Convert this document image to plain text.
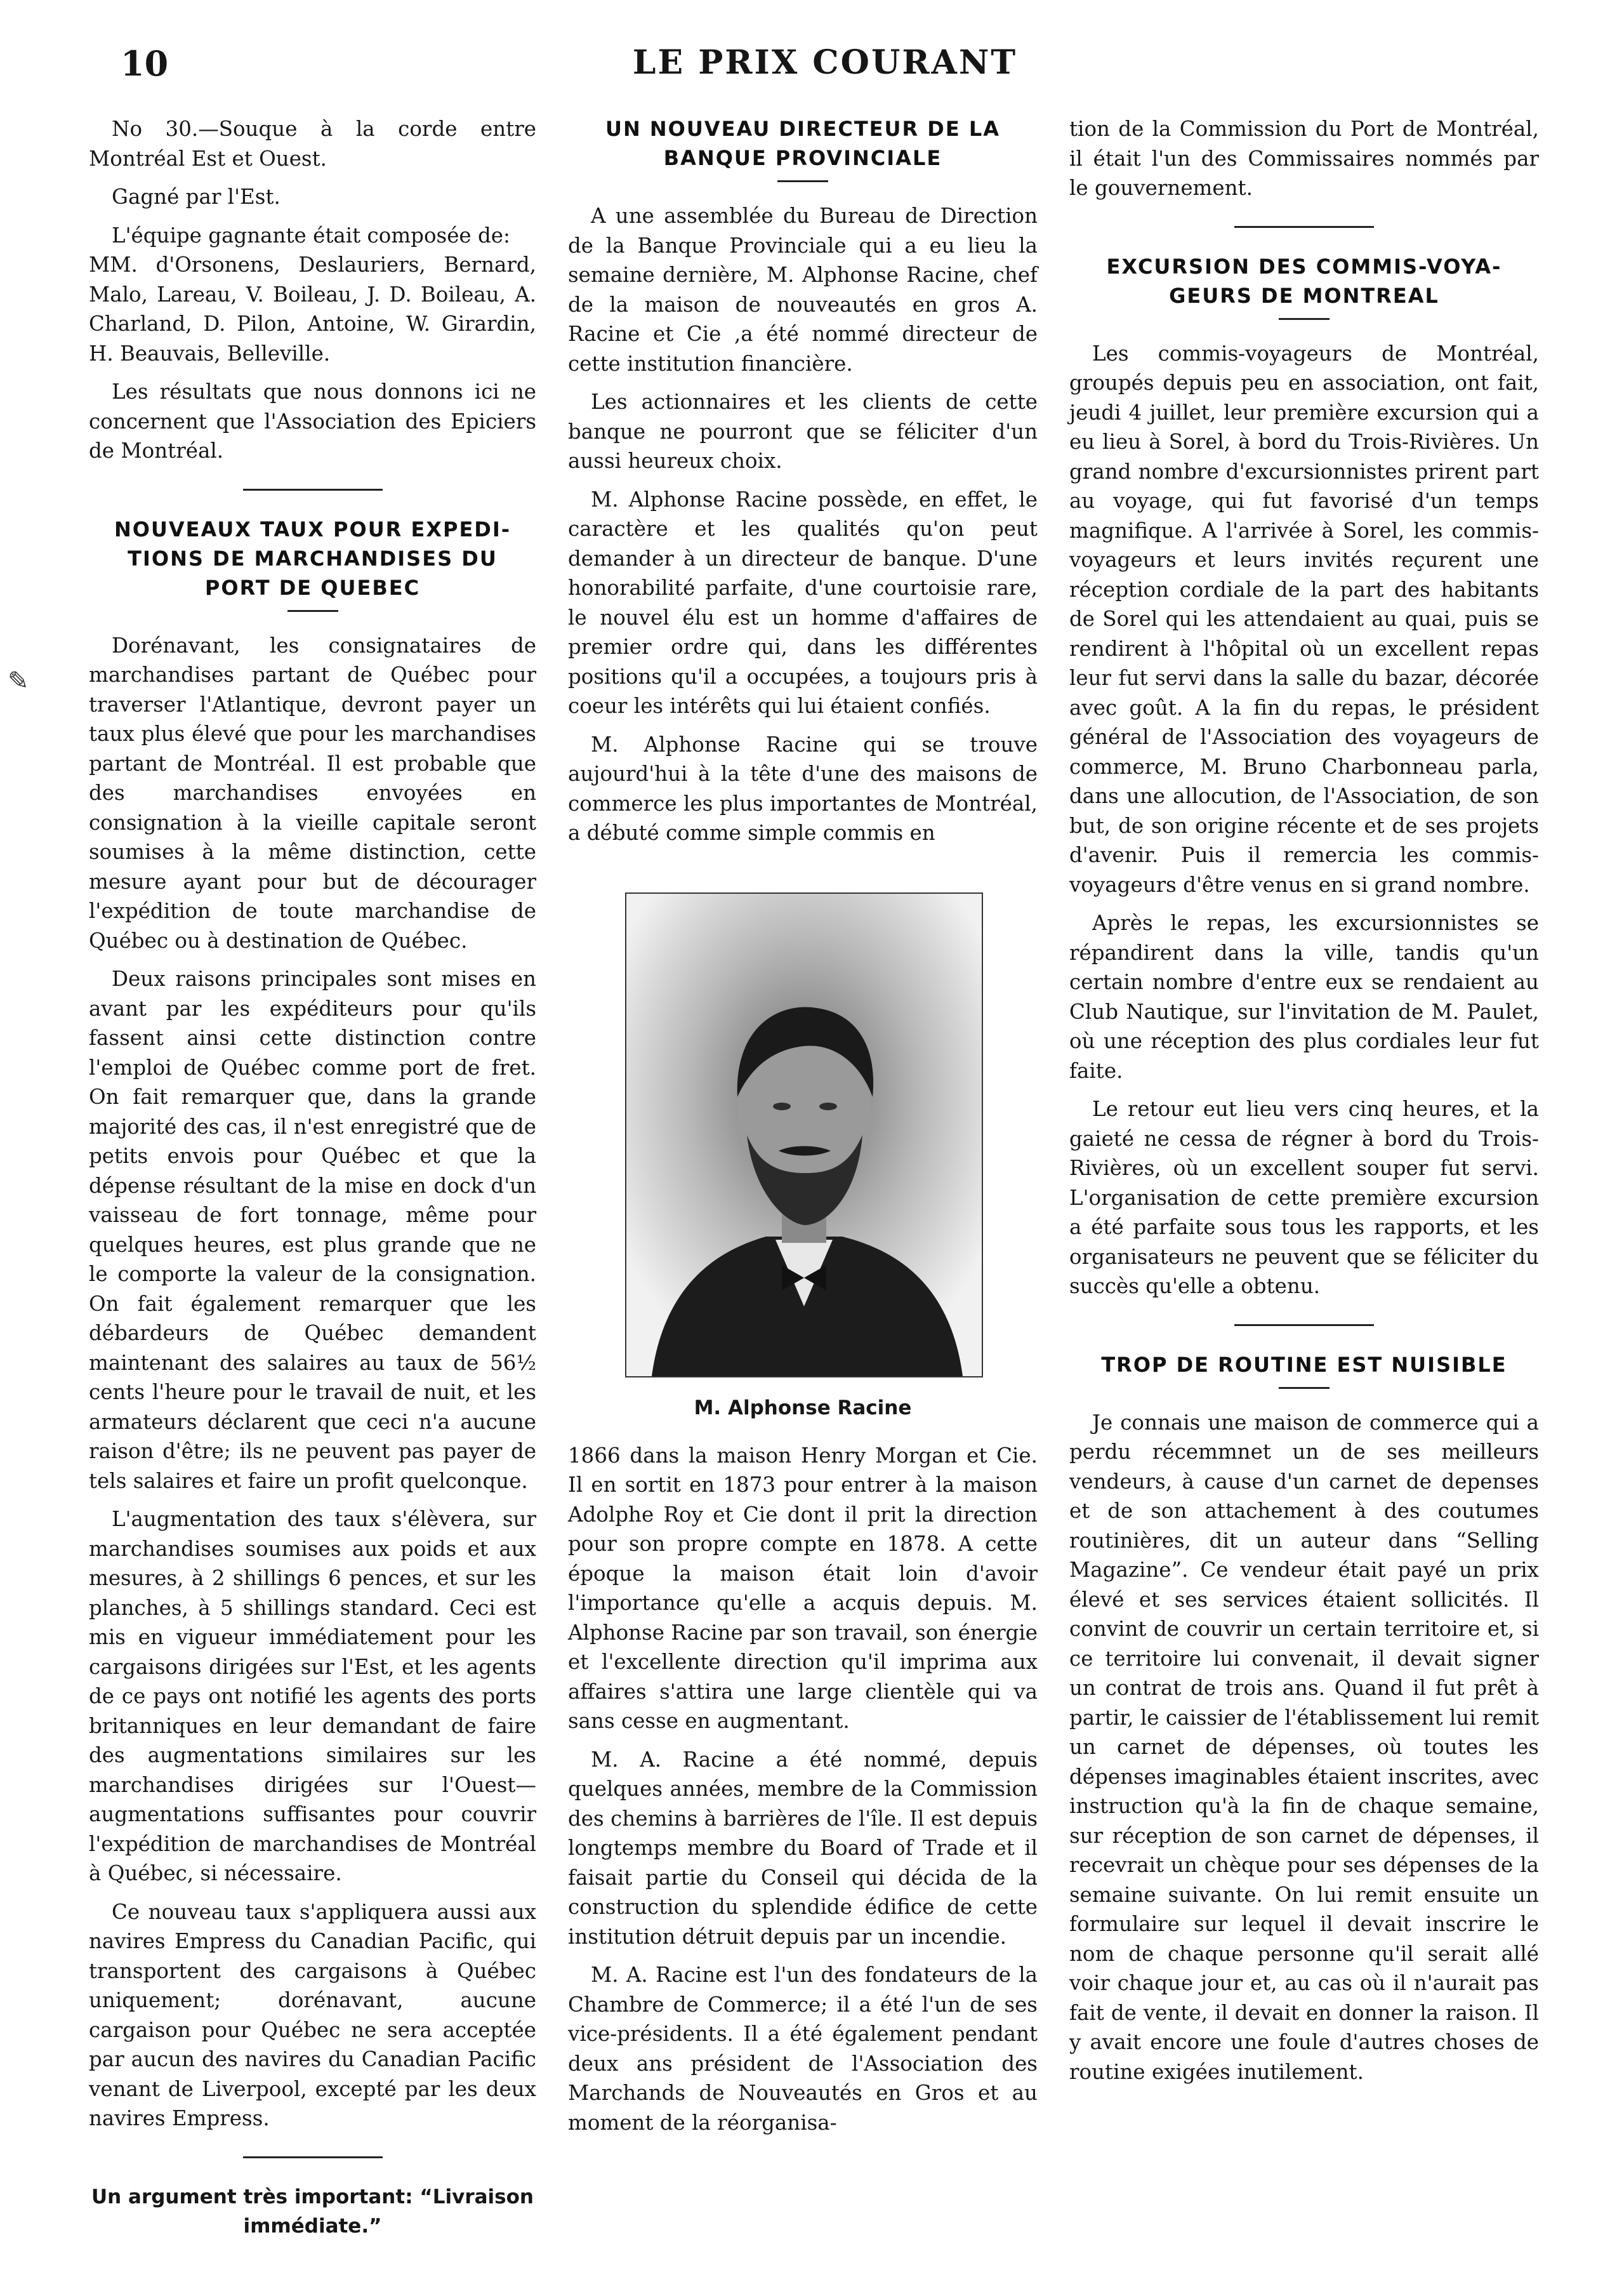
LE PRIX COURANT
10

No 30.—Souque à la corde entre Montréal Est et Ouest.

Gagné par l'Est.

L'équipe gagnante était composée de:
MM. d'Orsonens, Deslauriers, Bernard, Malo, Lareau, V. Boileau, J. D. Boileau, A. Charland, D. Pilon, Antoine, W. Girardin, H. Beauvais, Belleville.

Les résultats que nous donnons ici ne concernent que l'Association des Epiciers de Montréal.

NOUVEAUX TAUX POUR EXPEDI-
TIONS DE MARCHANDISES DU
PORT DE QUEBEC

Dorénavant, les consignataires de marchandises partant de Québec pour traverser l'Atlantique, devront payer un taux plus élevé que pour les marchandises partant de Montréal. Il est probable que des marchandises envoyées en consignation à la vieille capitale seront soumises à la même distinction, cette mesure ayant pour but de décourager l'expédition de toute marchandise de Québec ou à destination de Québec.

Deux raisons principales sont mises en avant par les expéditeurs pour qu'ils fassent ainsi cette distinction contre l'emploi de Québec comme port de fret. On fait remarquer que, dans la grande majorité des cas, il n'est enregistré que de petits envois pour Québec et que la dépense résultant de la mise en dock d'un vaisseau de fort tonnage, même pour quelques heures, est plus grande que ne le comporte la valeur de la consignation. On fait également remarquer que les débardeurs de Québec demandent maintenant des salaires au taux de 56½ cents l'heure pour le travail de nuit, et les armateurs déclarent que ceci n'a aucune raison d'être; ils ne peuvent pas payer de tels salaires et faire un profit quelconque.

L'augmentation des taux s'élèvera, sur marchandises soumises aux poids et aux mesures, à 2 shillings 6 pences, et sur les planches, à 5 shillings standard. Ceci est mis en vigueur immédiatement pour les cargaisons dirigées sur l'Est, et les agents de ce pays ont notifié les agents des ports britanniques en leur demandant de faire des augmentations similaires sur les marchandises dirigées sur l'Ouest—augmentations suffisantes pour couvrir l'expédition de marchandises de Montréal à Québec, si nécessaire.

Ce nouveau taux s'appliquera aussi aux navires Empress du Canadian Pacific, qui transportent des cargaisons à Québec uniquement; dorénavant, aucune cargaison pour Québec ne sera acceptée par aucun des navires du Canadian Pacific venant de Liverpool, excepté par les deux navires Empress.

Un argument très important: “Livraison immédiate.”
UN NOUVEAU DIRECTEUR DE LA
BANQUE PROVINCIALE

A une assemblée du Bureau de Direction de la Banque Provinciale qui a eu lieu la semaine dernière, M. Alphonse Racine, chef de la maison de nouveautés en gros A. Racine et Cie ,a été nommé directeur de cette institution financière.

Les actionnaires et les clients de cette banque ne pourront que se féliciter d'un aussi heureux choix.

M. Alphonse Racine possède, en effet, le caractère et les qualités qu'on peut demander à un directeur de banque. D'une honorabilité parfaite, d'une courtoisie rare, le nouvel élu est un homme d'affaires de premier ordre qui, dans les différentes positions qu'il a occupées, a toujours pris à coeur les intérêts qui lui étaient confiés.

M. Alphonse Racine qui se trouve aujourd'hui à la tête d'une des maisons de commerce les plus importantes de Montréal, a débuté comme simple commis en

M. Alphonse Racine

1866 dans la maison Henry Morgan et Cie. Il en sortit en 1873 pour entrer à la maison Adolphe Roy et Cie dont il prit la direction pour son propre compte en 1878. A cette époque la maison était loin d'avoir l'importance qu'elle a acquis depuis. M. Alphonse Racine par son travail, son énergie et l'excellente direction qu'il imprima aux affaires s'attira une large clientèle qui va sans cesse en augmentant.

M. A. Racine a été nommé, depuis quelques années, membre de la Commission des chemins à barrières de l'île. Il est depuis longtemps membre du Board of Trade et il faisait partie du Conseil qui décida de la construction du splendide édifice de cette institution détruit depuis par un incendie.

M. A. Racine est l'un des fondateurs de la Chambre de Commerce; il a été l'un de ses vice-présidents. Il a été également pendant deux ans président de l'Association des Marchands de Nouveautés en Gros et au moment de la réorganisa-

tion de la Commission du Port de Montréal, il était l'un des Commissaires nommés par le gouvernement.

EXCURSION DES COMMIS-VOYA-
GEURS DE MONTREAL

Les commis-voyageurs de Montréal, groupés depuis peu en association, ont fait, jeudi 4 juillet, leur première excursion qui a eu lieu à Sorel, à bord du Trois-Rivières. Un grand nombre d'excursionnistes prirent part au voyage, qui fut favorisé d'un temps magnifique. A l'arrivée à Sorel, les commis-voyageurs et leurs invités reçurent une réception cordiale de la part des habitants de Sorel qui les attendaient au quai, puis se rendirent à l'hôpital où un excellent repas leur fut servi dans la salle du bazar, décorée avec goût. A la fin du repas, le président général de l'Association des voyageurs de commerce, M. Bruno Charbonneau parla, dans une allocution, de l'Association, de son but, de son origine récente et de ses projets d'avenir. Puis il remercia les commis-voyageurs d'être venus en si grand nombre.

Après le repas, les excursionnistes se répandirent dans la ville, tandis qu'un certain nombre d'entre eux se rendaient au Club Nautique, sur l'invitation de M. Paulet, où une réception des plus cordiales leur fut faite.

Le retour eut lieu vers cinq heures, et la gaieté ne cessa de régner à bord du Trois-Rivières, où un excellent souper fut servi. L'organisation de cette première excursion a été parfaite sous tous les rapports, et les organisateurs ne peuvent que se féliciter du succès qu'elle a obtenu.

TROP DE ROUTINE EST NUISIBLE

Je connais une maison de commerce qui a perdu récemmnet un de ses meilleurs vendeurs, à cause d'un carnet de depenses et de son attachement à des coutumes routinières, dit un auteur dans “Selling Magazine”. Ce vendeur était payé un prix élevé et ses services étaient sollicités. Il convint de couvrir un certain territoire et, si ce territoire lui convenait, il devait signer un contrat de trois ans. Quand il fut prêt à partir, le caissier de l'établissement lui remit un carnet de dépenses, où toutes les dépenses imaginables étaient inscrites, avec instruction qu'à la fin de chaque semaine, sur réception de son carnet de dépenses, il recevrait un chèque pour ses dépenses de la semaine suivante. On lui remit ensuite un formulaire sur lequel il devait inscrire le nom de chaque personne qu'il serait allé voir chaque jour et, au cas où il n'aurait pas fait de vente, il devait en donner la raison. Il y avait encore une foule d'autres choses de routine exigées inutilement.

✎
